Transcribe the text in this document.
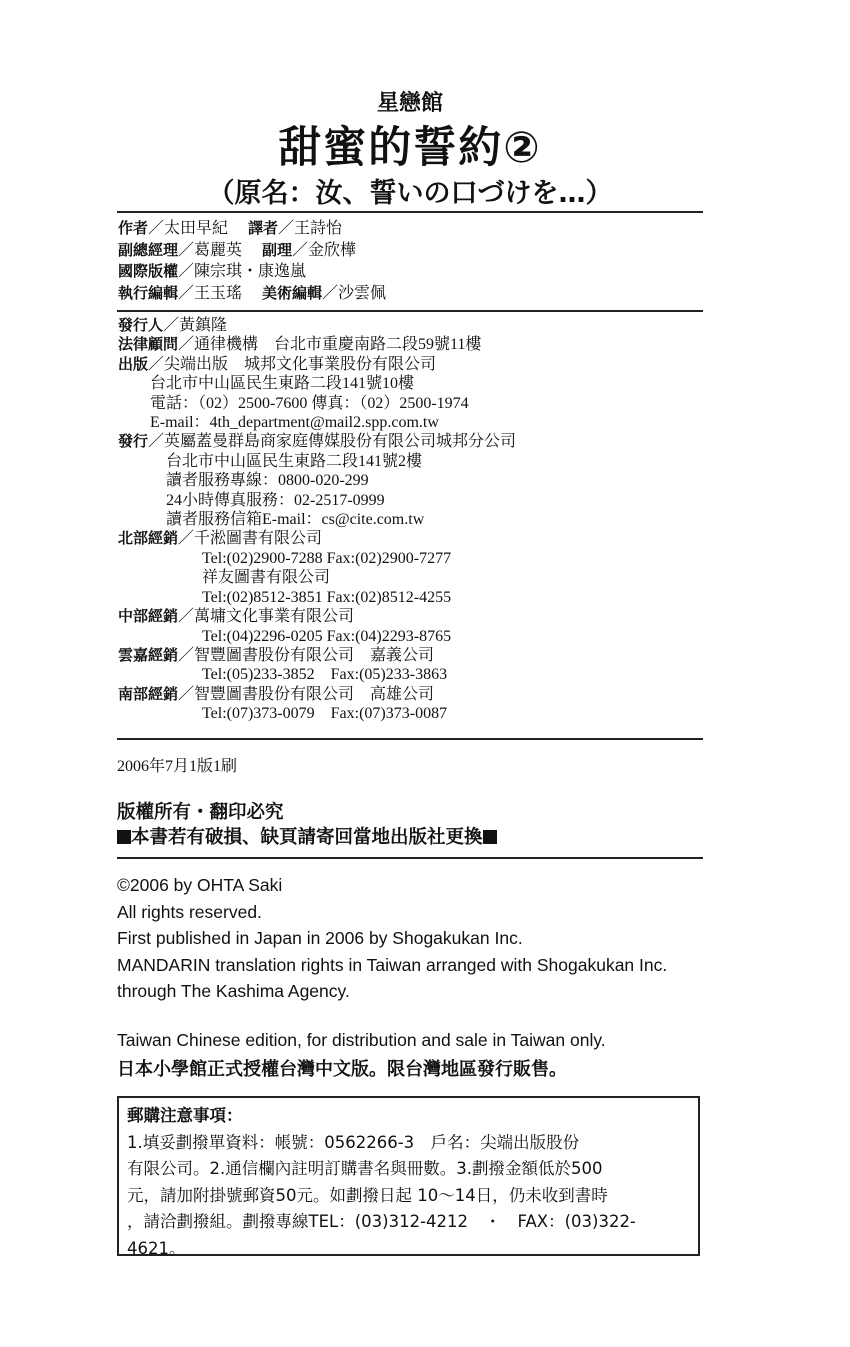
星戀館
甜蜜的誓約②
（原名：汝、誓いの口づけを…）
作者／太田早紀 譯者／王詩怡
副總經理／葛麗英 副理／金欣樺
國際版權／陳宗琪・康逸嵐
執行編輯／王玉瑤 美術編輯／沙雲佩
發行人／黃鎮隆
法律顧問／通律機構　台北市重慶南路二段59號11樓
出版／尖端出版　城邦文化事業股份有限公司
台北市中山區民生東路二段141號10樓
電話：（02）2500-7600 傳真：（02）2500-1974
E-mail：4th_department@mail2.spp.com.tw
發行／英屬蓋曼群島商家庭傳媒股份有限公司城邦分公司
台北市中山區民生東路二段141號2樓
讀者服務專線：0800-020-299
24小時傳真服務：02-2517-0999
讀者服務信箱E-mail：cs@cite.com.tw
北部經銷／千淞圖書有限公司
Tel:(02)2900-7288 Fax:(02)2900-7277
祥友圖書有限公司
Tel:(02)8512-3851 Fax:(02)8512-4255
中部經銷／萬墉文化事業有限公司
Tel:(04)2296-0205 Fax:(04)2293-8765
雲嘉經銷／智豐圖書股份有限公司　嘉義公司
Tel:(05)233-3852　Fax:(05)233-3863
南部經銷／智豐圖書股份有限公司　高雄公司
Tel:(07)373-0079　Fax:(07)373-0087
2006年7月1版1刷
版權所有・翻印必究
本書若有破損、缺頁請寄回當地出版社更換
©2006 by OHTA Saki
All rights reserved.
First published in Japan in 2006 by Shogakukan Inc.
MANDARIN translation rights in Taiwan arranged with Shogakukan Inc.
through The Kashima Agency.
Taiwan Chinese edition, for distribution and sale in Taiwan only.
日本小學館正式授權台灣中文版。限台灣地區發行販售。
郵購注意事項：
1.填妥劃撥單資料：帳號：0562266-3　戶名：尖端出版股份
有限公司。2.通信欄內註明訂購書名與冊數。3.劃撥金額低於500
元，請加附掛號郵資50元。如劃撥日起 10～14日，仍未收到書時
，請洽劃撥組。劃撥專線TEL：(03)312-4212　・　FAX：(03)322-
4621。
